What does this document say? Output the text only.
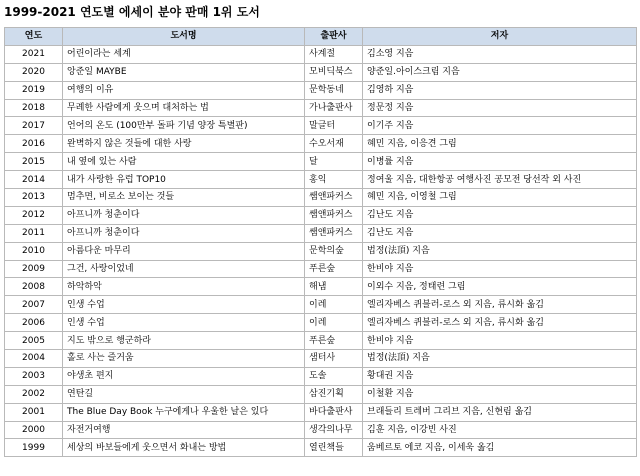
1999-2021 연도별 에세이 분야 판매 1위 도서
연도	도서명	출판사	저자
2021	어린이라는 세계	사계절	김소영 지음
2020	앙준일 MAYBE	모비딕북스	양준일.아이스크림 지음
2019	여행의 이유	문학동네	김영하 지음
2018	무례한 사람에게 웃으며 대처하는 법	가나출판사	정문정 지음
2017	언어의 온도 (100만부 돌파 기념 양장 특별판)	말글터	이기주 지음
2016	완벽하지 않은 것들에 대한 사랑	수오서재	혜민 지음, 이응견 그림
2015	내 옆에 있는 사람	달	이병률 지음
2014	내가 사랑한 유럽 TOP10	홍익	정여울 지음, 대한항공 여행사진 공모전 당선작 외 사진
2013	멈추면, 비로소 보이는 것들	쌤앤파커스	혜민 지음, 이영철 그림
2012	아프니까 청춘이다	쌤앤파커스	김난도 지음
2011	아프니까 청춘이다	쌤앤파커스	김난도 지음
2010	아름다운 마무리	문학의숲	법정(法頂) 지음
2009	그건, 사랑이었네	푸른숲	한비야 지음
2008	하악하악	해냄	이외수 지음, 정태련 그림
2007	인생 수업	이레	엘리자베스 퀴블러-로스 외 지음, 류시화 옮김
2006	인생 수업	이레	엘리자베스 퀴블러-로스 외 지음, 류시화 옮김
2005	지도 밖으로 행군하라	푸른숲	한비야 지음
2004	홀로 사는 즐거움	샘터사	법정(法頂) 지음
2003	야생초 편지	도솔	황대권 지음
2002	연탄길	삼진기획	이철환 지음
2001	The Blue Day Book 누구에게나 우울한 날은 있다	바다출판사	브래들리 트레버 그리브 지음, 신현림 옮김
2000	자전거여행	생각의나무	김훈 지음, 이강빈 사진
1999	세상의 바보들에게 웃으면서 화내는 방법	열린책들	움베르토 에코 지음, 이세욱 옮김
